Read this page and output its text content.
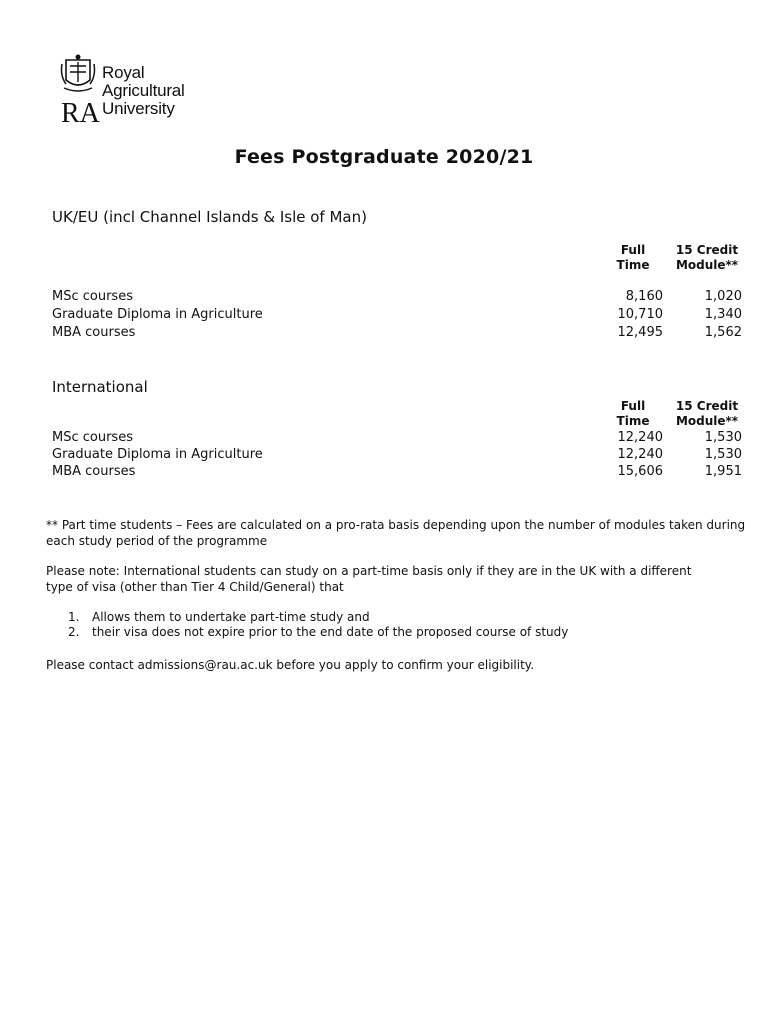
RA
Royal
Agricultural
University
Fees Postgraduate 2020/21
UK/EU (incl Channel Islands & Isle of Man)
Full
Time
15 Credit
Module**
MSc courses	8,160	1,020
Graduate Diploma in Agriculture	10,710	1,340
MBA courses	12,495	1,562
International
Full
Time
15 Credit
Module**
MSc courses	12,240	1,530
Graduate Diploma in Agriculture	12,240	1,530
MBA courses	15,606	1,951
** Part time students – Fees are calculated on a pro-rata basis depending upon the number of modules taken during each study period of the programme
Please note: International students can study on a part-time basis only if they are in the UK with a different type of visa (other than Tier 4 Child/General) that
1. Allows them to undertake part-time study and
2. their visa does not expire prior to the end date of the proposed course of study
Please contact admissions@rau.ac.uk before you apply to confirm your eligibility.
